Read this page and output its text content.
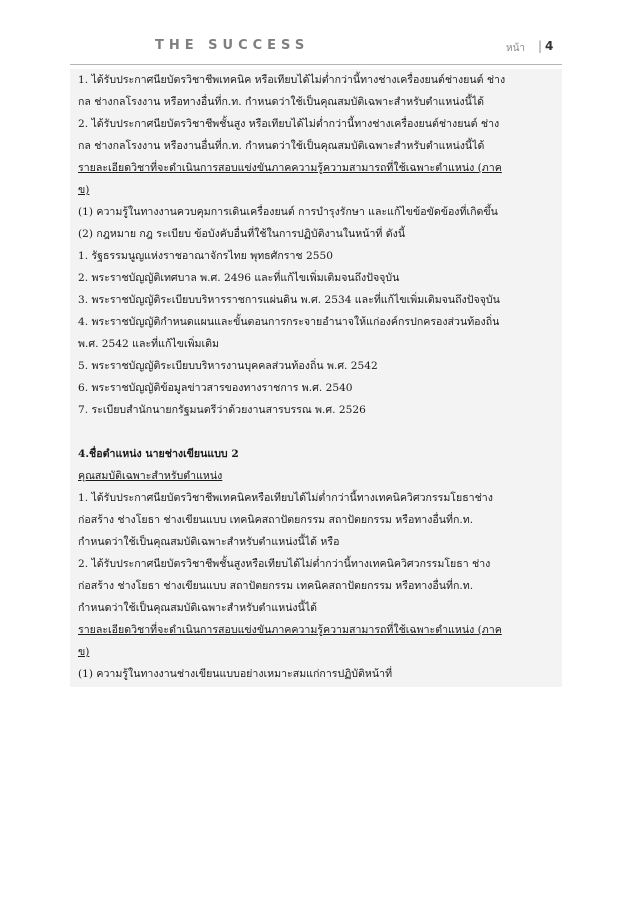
THE SUCCESS	หน้า | 4
1. ได้รับประกาศนียบัตรวิชาชีพเทคนิค หรือเทียบได้ไม่ต่ำกว่านี้ทางช่างเครื่องยนต์ช่างยนต์ ช่าง
กล ช่างกลโรงงาน หรือทางอื่นที่ก.ท. กำหนดว่าใช้เป็นคุณสมบัติเฉพาะสำหรับตำแหน่งนี้ได้
2. ได้รับประกาศนียบัตรวิชาชีพชั้นสูง หรือเทียบได้ไม่ต่ำกว่านี้ทางช่างเครื่องยนต์ช่างยนต์ ช่าง
กล ช่างกลโรงงาน หรืองานอื่นที่ก.ท. กำหนดว่าใช้เป็นคุณสมบัติเฉพาะสำหรับตำแหน่งนี้ได้
รายละเอียดวิชาที่จะดำเนินการสอบแข่งขันภาคความรู้ความสามารถที่ใช้เฉพาะตำแหน่ง (ภาค
ข)
(1) ความรู้ในทางงานควบคุมการเดินเครื่องยนต์ การบำรุงรักษา และแก้ไขข้อขัดข้องที่เกิดขึ้น
(2) กฎหมาย กฎ ระเบียบ ข้อบังคับอื่นที่ใช้ในการปฏิบัติงานในหน้าที่ ดังนี้
1. รัฐธรรมนูญแห่งราชอาณาจักรไทย พุทธศักราช 2550
2. พระราชบัญญัติเทศบาล พ.ศ. 2496 และที่แก้ไขเพิ่มเติมจนถึงปัจจุบัน
3. พระราชบัญญัติระเบียบบริหารราชการแผ่นดิน พ.ศ. 2534 และที่แก้ไขเพิ่มเติมจนถึงปัจจุบัน
4. พระราชบัญญัติกำหนดแผนและขั้นตอนการกระจายอำนาจให้แก่องค์กรปกครองส่วนท้องถิ่น
พ.ศ. 2542 และที่แก้ไขเพิ่มเติม
5. พระราชบัญญัติระเบียบบริหารงานบุคคลส่วนท้องถิ่น พ.ศ. 2542
6. พระราชบัญญัติข้อมูลข่าวสารของทางราชการ พ.ศ. 2540
7. ระเบียบสำนักนายกรัฐมนตรีว่าด้วยงานสารบรรณ พ.ศ. 2526
4.ชื่อตำแหน่ง นายช่างเขียนแบบ 2
คุณสมบัติเฉพาะสำหรับตำแหน่ง
1. ได้รับประกาศนียบัตรวิชาชีพเทคนิคหรือเทียบได้ไม่ต่ำกว่านี้ทางเทคนิควิศวกรรมโยธาช่าง
ก่อสร้าง ช่างโยธา ช่างเขียนแบบ เทคนิคสถาปัตยกรรม สถาปัตยกรรม หรือทางอื่นที่ก.ท.
กำหนดว่าใช้เป็นคุณสมบัติเฉพาะสำหรับตำแหน่งนี้ได้ หรือ
2. ได้รับประกาศนียบัตรวิชาชีพชั้นสูงหรือเทียบได้ไม่ต่ำกว่านี้ทางเทคนิควิศวกรรมโยธา ช่าง
ก่อสร้าง ช่างโยธา ช่างเขียนแบบ สถาปัตยกรรม เทคนิคสถาปัตยกรรม หรือทางอื่นที่ก.ท.
กำหนดว่าใช้เป็นคุณสมบัติเฉพาะสำหรับตำแหน่งนี้ได้
รายละเอียดวิชาที่จะดำเนินการสอบแข่งขันภาคความรู้ความสามารถที่ใช้เฉพาะตำแหน่ง (ภาค
ข)
(1) ความรู้ในทางงานช่างเขียนแบบอย่างเหมาะสมแก่การปฏิบัติหน้าที่
